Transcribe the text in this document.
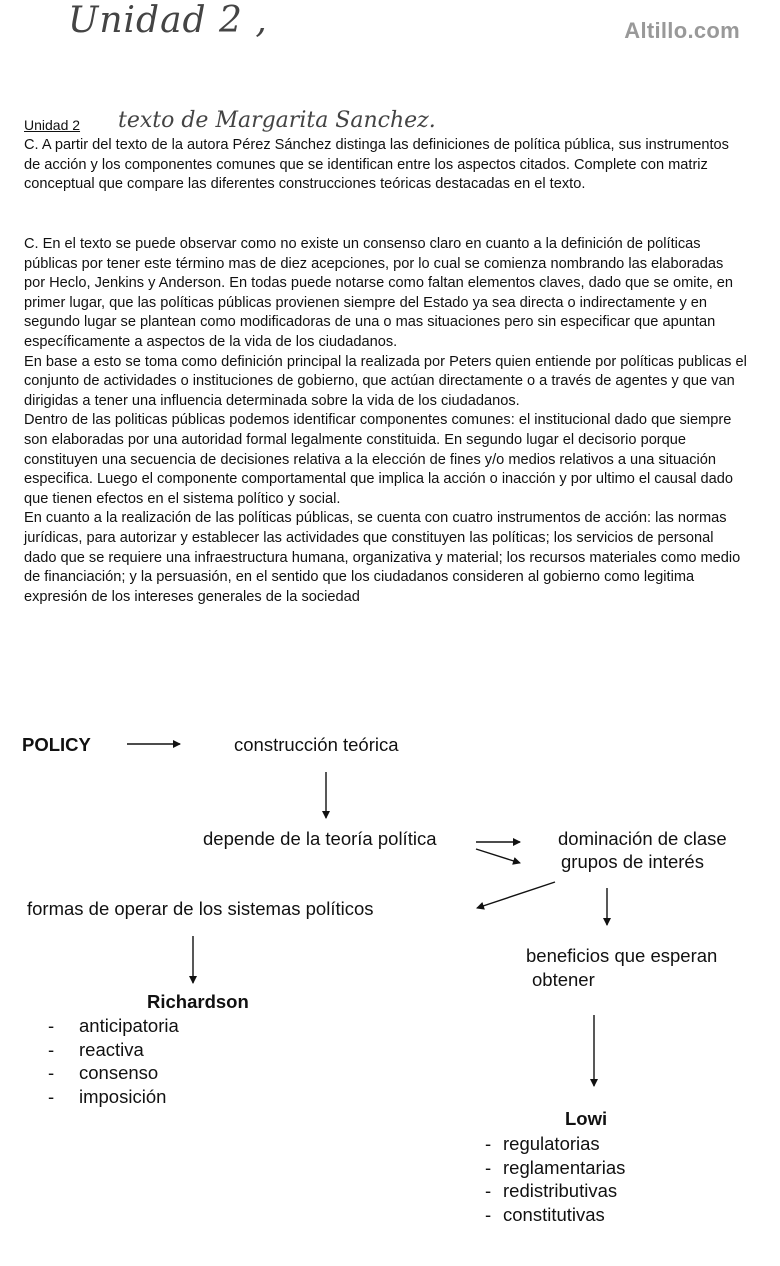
Unidad 2 ,	Altillo.com
Unidad 2 texto de Margarita Sanchez.

C. A partir del texto de la autora Pérez Sánchez distinga las definiciones de política pública, sus instrumentos de acción y los componentes comunes que se identifican entre los aspectos citados. Complete con matriz conceptual que compare las diferentes construcciones teóricas destacadas en el texto.

C. En el texto se puede observar como no existe un consenso claro en cuanto a la definición de políticas públicas por tener este término mas de diez acepciones, por lo cual se comienza nombrando las elaboradas por Heclo, Jenkins y Anderson. En todas puede notarse como faltan elementos claves, dado que se omite, en primer lugar, que las políticas públicas provienen siempre del Estado ya sea directa o indirectamente y en segundo lugar se plantean como modificadoras de una o mas situaciones pero sin especificar que apuntan específicamente a aspectos de la vida de los ciudadanos.

En base a esto se toma como definición principal la realizada por Peters quien entiende por políticas publicas el conjunto de actividades o instituciones de gobierno, que actúan directamente o a través de agentes y que van dirigidas a tener una influencia determinada sobre la vida de los ciudadanos.

Dentro de las politicas públicas podemos identificar componentes comunes: el institucional dado que siempre son elaboradas por una autoridad formal legalmente constituida. En segundo lugar el decisorio porque constituyen una secuencia de decisiones relativa a la elección de fines y/o medios relativos a una situación especifica. Luego el componente comportamental que implica la acción o inacción y por ultimo el causal dado que tienen efectos en el sistema político y social.

En cuanto a la realización de las políticas públicas, se cuenta con cuatro instrumentos de acción: las normas jurídicas, para autorizar y establecer las actividades que constituyen las políticas; los servicios de personal dado que se requiere una infraestructura humana, organizativa y material; los recursos materiales como medio de financiación; y la persuasión, en el sentido que los ciudadanos consideren al gobierno como legitima expresión de los intereses generales de la sociedad

POLICY	construcción teórica
depende de la teoría política	dominación de clase
grupos de interés
formas de operar de los sistemas políticos
beneficios que esperan
obtener
Richardson
- anticipatoria
- reactiva
- consenso
- imposición
Lowi
- regulatorias
- reglamentarias
- redistributivas
- constitutivas
